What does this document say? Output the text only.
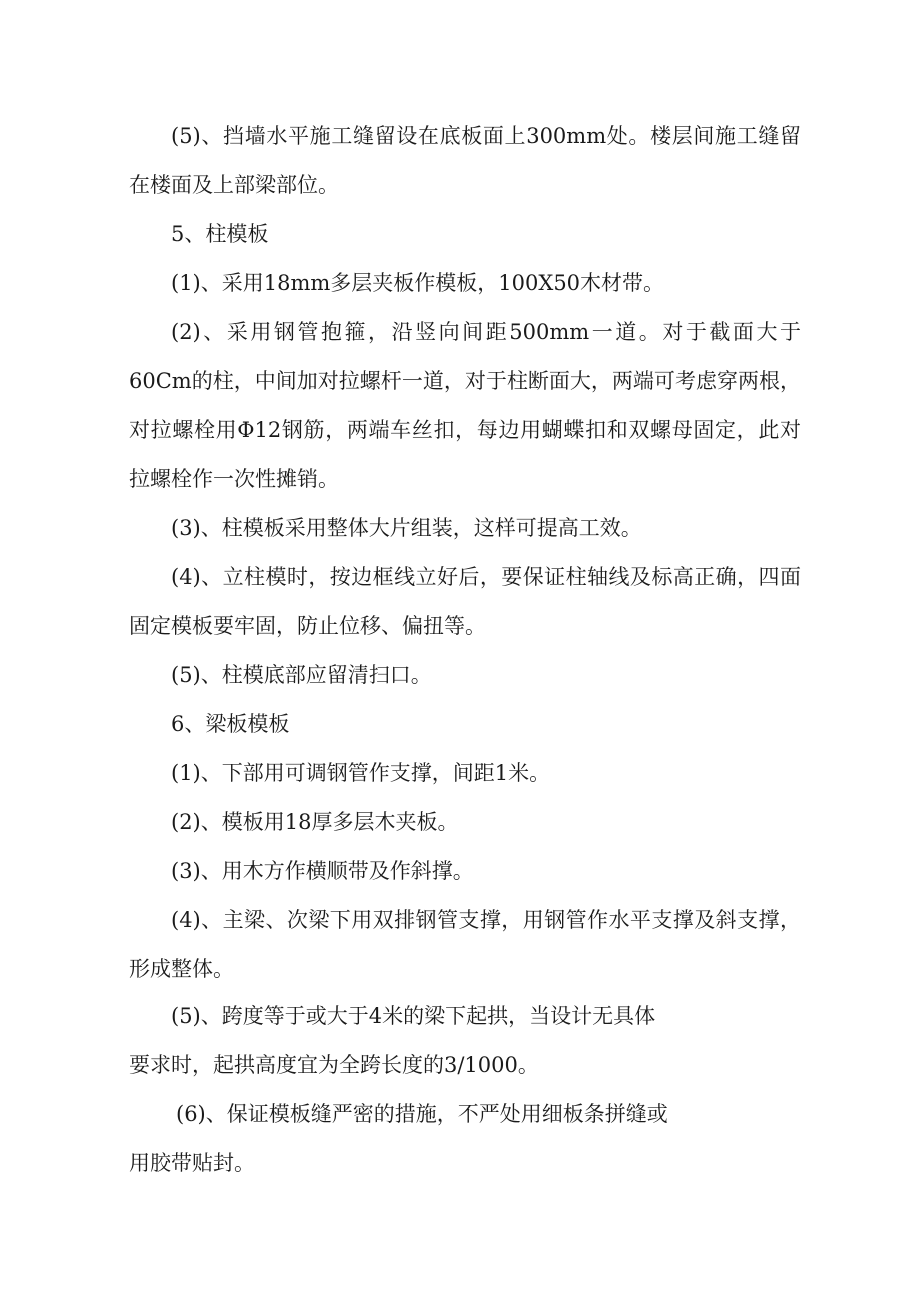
(5)、挡墙水平施工缝留设在底板面上300mm处。楼层间施工缝留在楼面及上部梁部位。

5、柱模板

(1)、采用18mm多层夹板作模板，100X50木材带。

(2)、采用钢管抱箍，沿竖向间距500mm一道。对于截面大于60Cm的柱，中间加对拉螺杆一道，对于柱断面大，两端可考虑穿两根，对拉螺栓用Φ12钢筋，两端车丝扣，每边用蝴蝶扣和双螺母固定，此对拉螺栓作一次性摊销。

(3)、柱模板采用整体大片组装，这样可提高工效。

(4)、立柱模时，按边框线立好后，要保证柱轴线及标高正确，四面固定模板要牢固，防止位移、偏扭等。

(5)、柱模底部应留清扫口。

6、梁板模板

(1)、下部用可调钢管作支撑，间距1米。

(2)、模板用18厚多层木夹板。

(3)、用木方作横顺带及作斜撑。

(4)、主梁、次梁下用双排钢管支撑，用钢管作水平支撑及斜支撑，形成整体。

(5)、跨度等于或大于4米的梁下起拱，当设计无具体

要求时，起拱高度宜为全跨长度的3/1000。

(6)、保证模板缝严密的措施，不严处用细板条拼缝或

用胶带贴封。
